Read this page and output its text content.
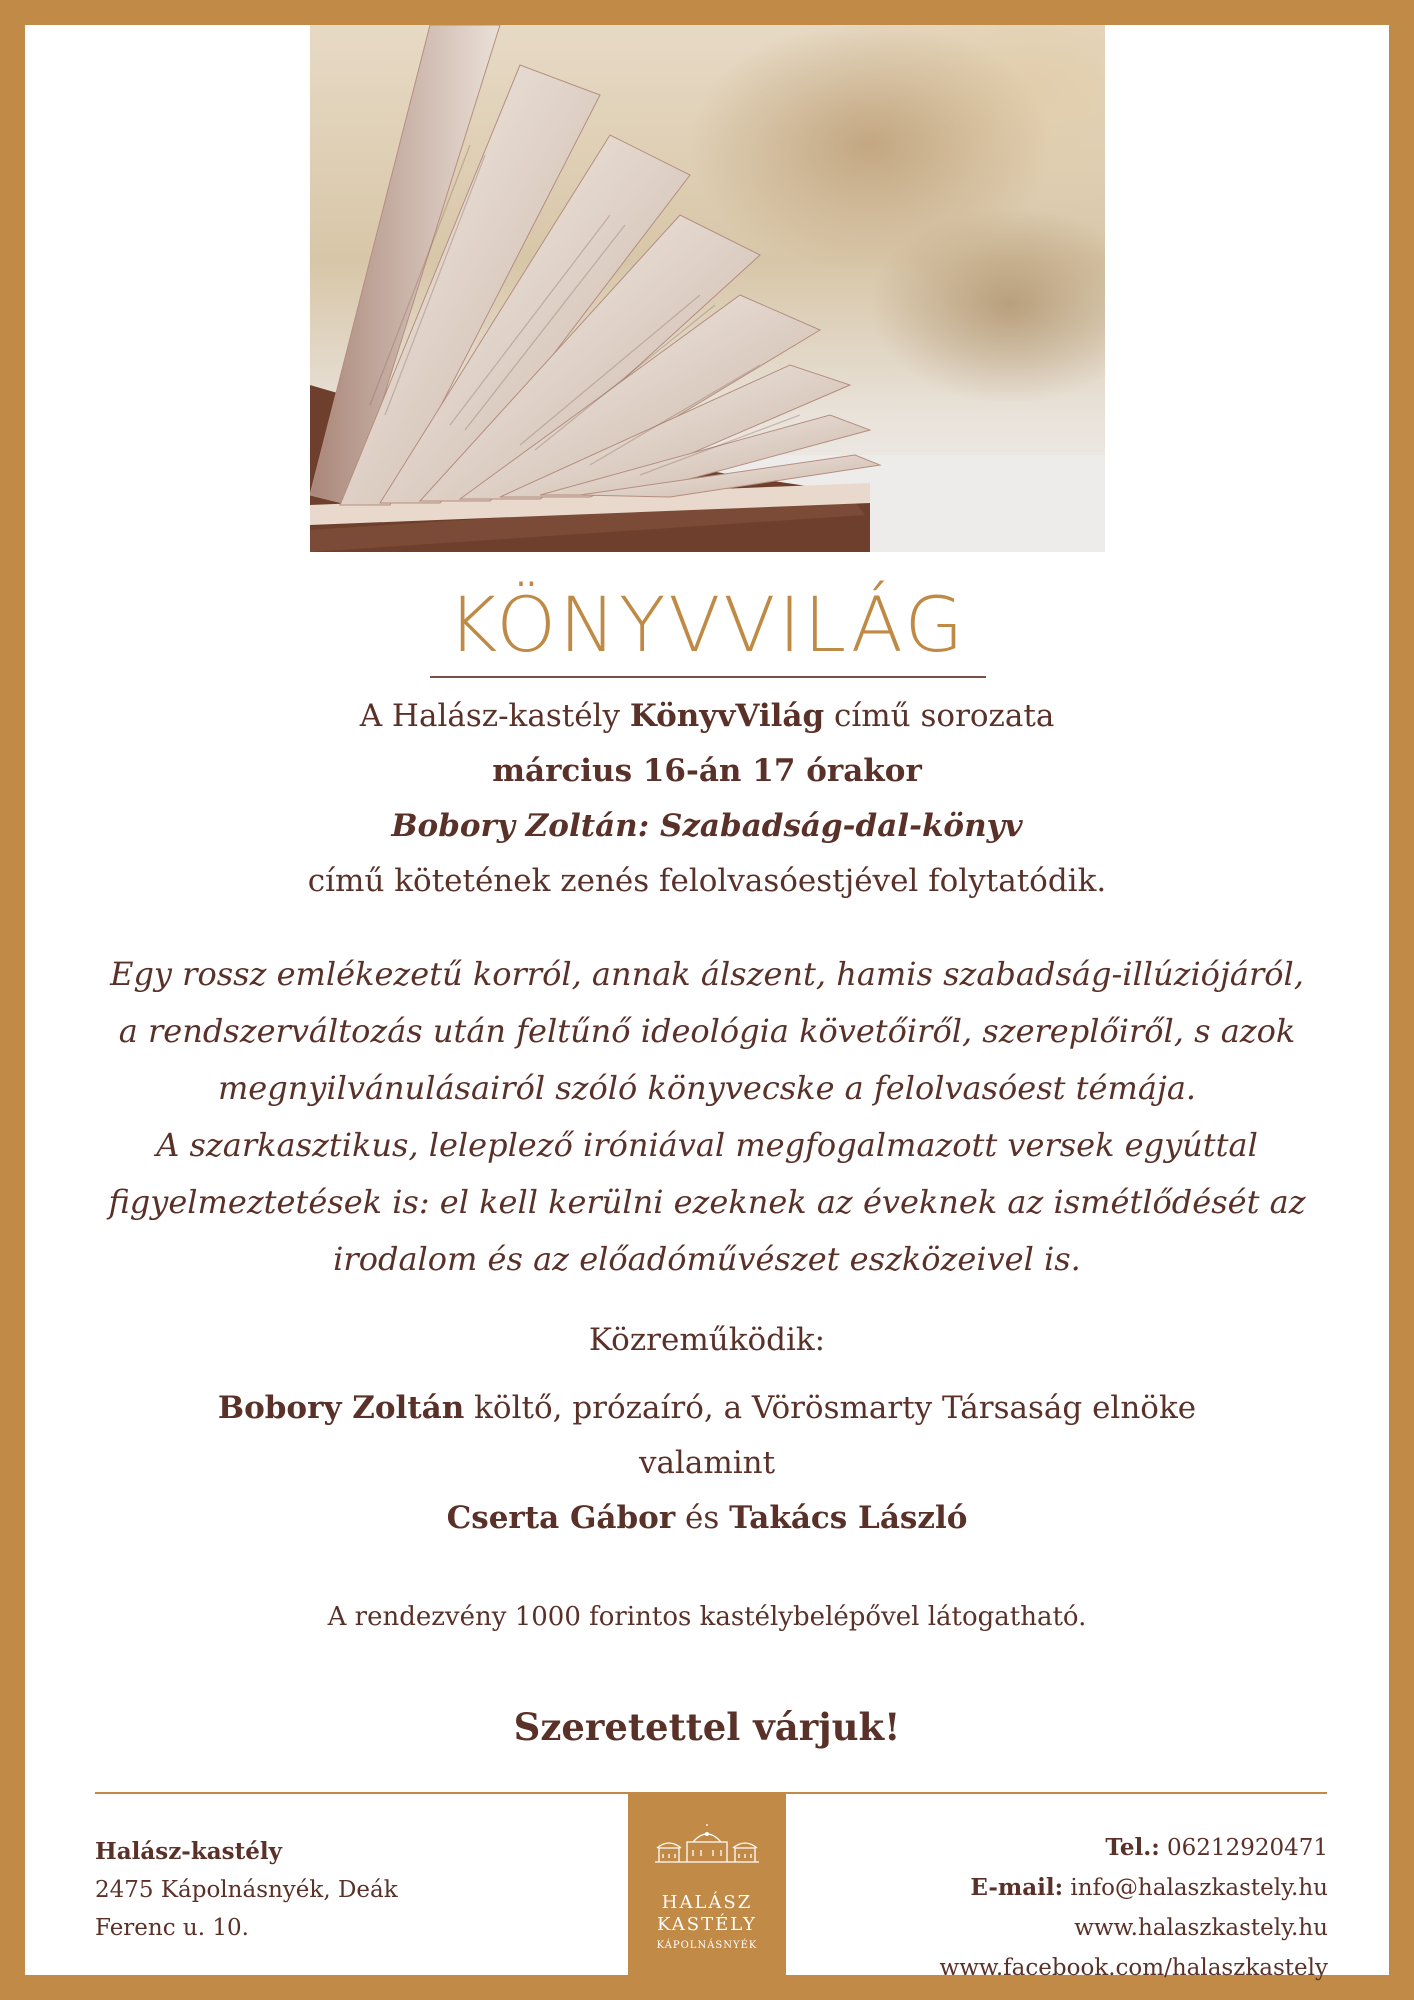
KÖNYVVILÁG
A Halász-kastély KönyvVilág című sorozata
március 16-án 17 órakor
Bobory Zoltán: Szabadság-dal-könyv
című kötetének zenés felolvasóestjével folytatódik.
Egy rossz emlékezetű korról, annak álszent, hamis szabadság-illúziójáról,
a rendszerváltozás után feltűnő ideológia követőiről, szereplőiről, s azok
megnyilvánulásairól szóló könyvecske a felolvasóest témája.
A szarkasztikus, leleplező iróniával megfogalmazott versek egyúttal
figyelmeztetések is: el kell kerülni ezeknek az éveknek az ismétlődését az
irodalom és az előadóművészet eszközeivel is.
Közreműködik:
Bobory Zoltán költő, prózaíró, a Vörösmarty Társaság elnöke
valamint
Cserta Gábor és Takács László
A rendezvény 1000 forintos kastélybelépővel látogatható.
Szeretettel várjuk!
Halász-kastély
2475 Kápolnásnyék, Deák
Ferenc u. 10.
HALÁSZ
KASTÉLY
KÁPOLNÁSNYÉK
Tel.: 06212920471
E-mail: info@halaszkastely.hu
www.halaszkastely.hu
www.facebook.com/halaszkastely
